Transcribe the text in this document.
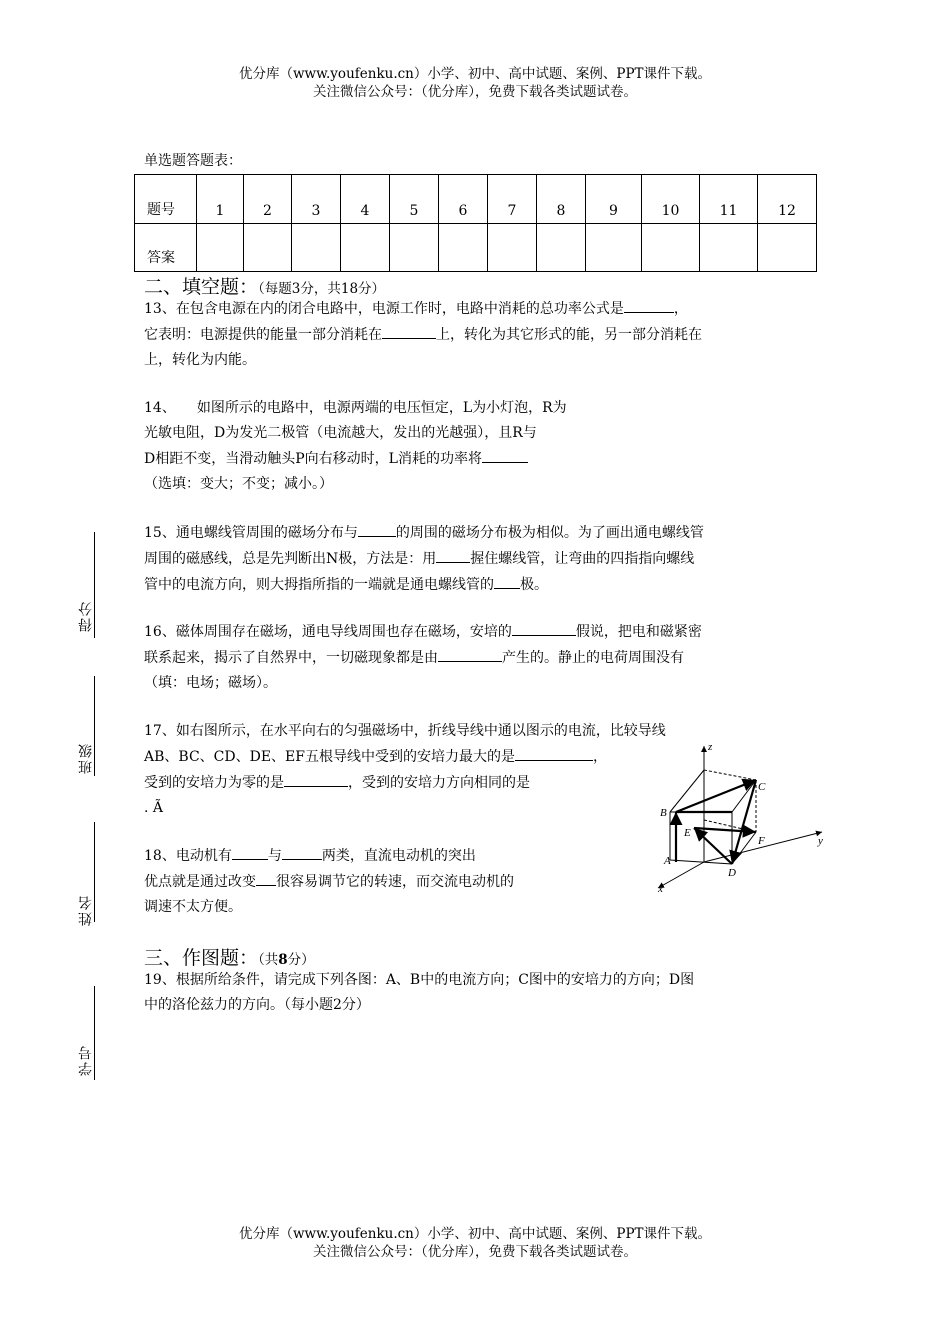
优分库（www.youfenku.cn）小学、初中、高中试题、案例、PPT课件下载。
关注微信公众号：（优分库），免费下载各类试题试卷。
得分
班级
姓名
学号
单选题答题表：
题号	1	2	3	4	5	6	7	8	9	10	11	12
答案												
二、填空题：（每题3分，共18分）
13、在包含电源在内的闭合电路中，电源工作时，电路中消耗的总功率公式是	，
它表明：电源提供的能量一部分消耗在	上，转化为其它形式的能，另一部分消耗在
上，转化为内能。
14、　　如图所示的电路中，电源两端的电压恒定，L为小灯泡，R为
光敏电阻，D为发光二极管（电流越大，发出的光越强），且R与
D相距不变，当滑动触头P向右移动时，L消耗的功率将
（选填：变大；不变；减小。）
15、通电螺线管周围的磁场分布与	的周围的磁场分布极为相似。为了画出通电螺线管
周围的磁感线，总是先判断出N极，方法是：用 握住螺线管，让弯曲的四指指向螺线
管中的电流方向，则大拇指所指的一端就是通电螺线管的 极。
16、磁体周围存在磁场，通电导线周围也存在磁场，安培的	假说，把电和磁紧密
联系起来，揭示了自然界中，一切磁现象都是由	产生的。静止的电荷周围没有
（填：电场；磁场）。
17、如右图所示，在水平向右的匀强磁场中，折线导线中通以图示的电流，比较导线
AB、BC、CD、DE、EF五根导线中受到的安培力最大的是	，
受到的安培力为零的是	，受到的安培力方向相同的是
. Ã
z
y
x
A
B
C
D
E
F
18、电动机有	与	两类，直流电动机的突出
优点就是通过改变 很容易调节它的转速，而交流电动机的
调速不太方便。
三、作图题：（共8分）
19、根据所给条件，请完成下列各图：A、B中的电流方向；C图中的安培力的方向；D图
中的洛伦兹力的方向。（每小题2分）
优分库（www.youfenku.cn）小学、初中、高中试题、案例、PPT课件下载。
关注微信公众号：（优分库），免费下载各类试题试卷。
